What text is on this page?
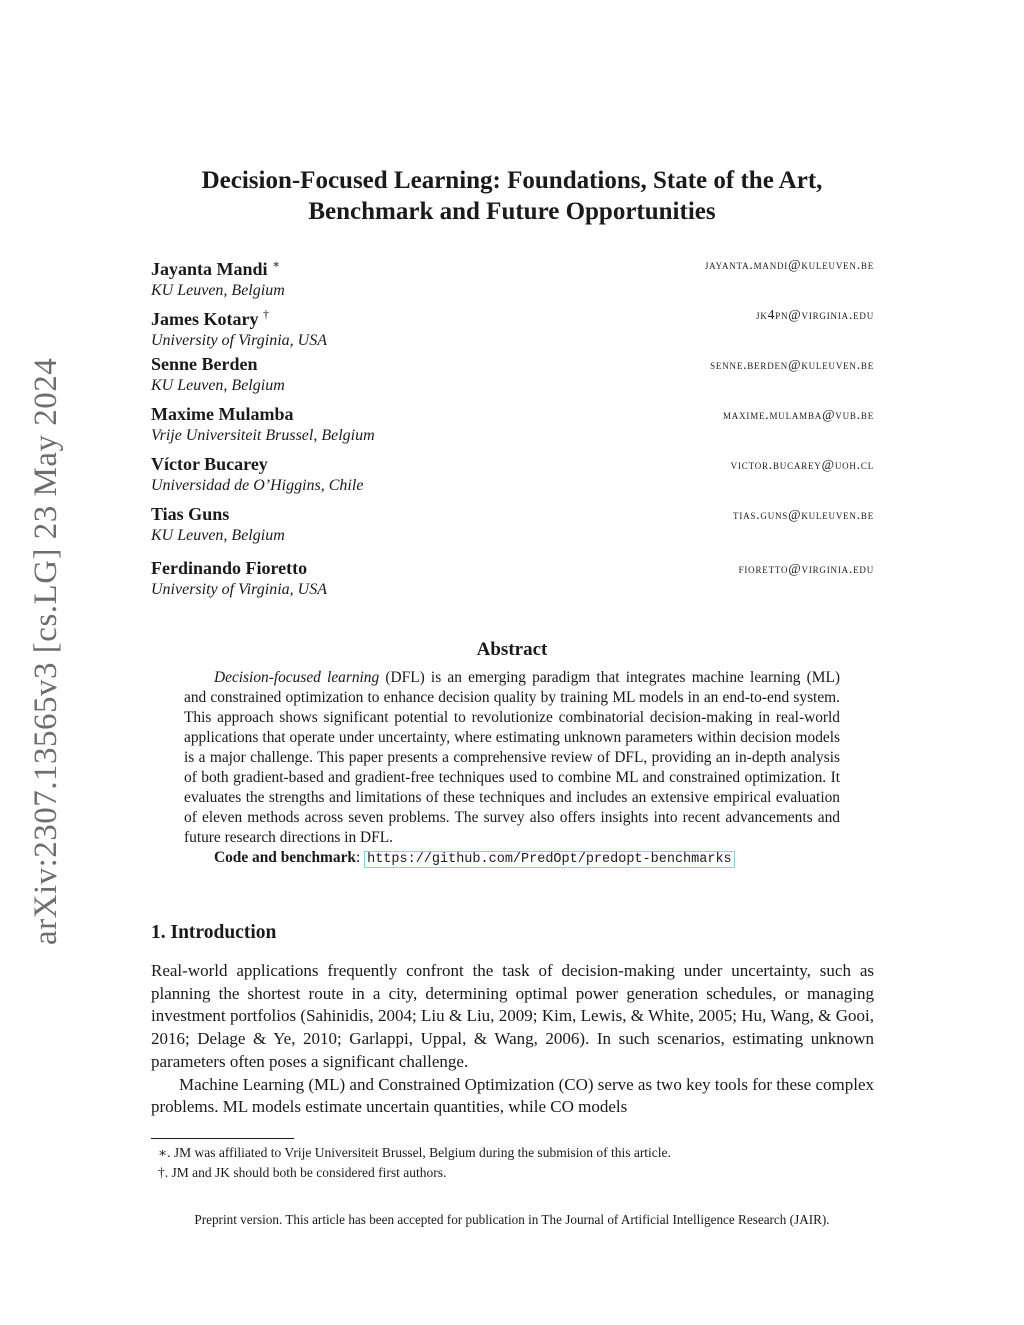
arXiv:2307.13565v3 [cs.LG] 23 May 2024
Decision-Focused Learning: Foundations, State of the Art,
Benchmark and Future Opportunities
Jayanta Mandi ∗
KU Leuven, Belgium
jayanta.mandi@kuleuven.be
James Kotary †
University of Virginia, USA
jk4pn@virginia.edu
Senne Berden
KU Leuven, Belgium
senne.berden@kuleuven.be
Maxime Mulamba
Vrije Universiteit Brussel, Belgium
maxime.mulamba@vub.be
Víctor Bucarey
Universidad de O’Higgins, Chile
victor.bucarey@uoh.cl
Tias Guns
KU Leuven, Belgium
tias.guns@kuleuven.be
Ferdinando Fioretto
University of Virginia, USA
fioretto@virginia.edu
Abstract

Decision-focused learning (DFL) is an emerging paradigm that integrates machine learning (ML) and constrained optimization to enhance decision quality by training ML models in an end-to-end system. This approach shows significant potential to revolutionize combinatorial decision-making in real-world applications that operate under uncertainty, where estimating unknown parameters within decision models is a major challenge. This paper presents a comprehensive review of DFL, providing an in-depth analysis of both gradient-based and gradient-free techniques used to combine ML and constrained optimization. It evaluates the strengths and limitations of these techniques and includes an extensive empirical evaluation of eleven methods across seven problems. The survey also offers insights into recent advancements and future research directions in DFL.

Code and benchmark: https://github.com/PredOpt/predopt-benchmarks

1. Introduction

Real-world applications frequently confront the task of decision-making under uncertainty, such as planning the shortest route in a city, determining optimal power generation schedules, or managing investment portfolios (Sahinidis, 2004; Liu & Liu, 2009; Kim, Lewis, & White, 2005; Hu, Wang, & Gooi, 2016; Delage & Ye, 2010; Garlappi, Uppal, & Wang, 2006). In such scenarios, estimating unknown parameters often poses a significant challenge.

Machine Learning (ML) and Constrained Optimization (CO) serve as two key tools for these complex problems. ML models estimate uncertain quantities, while CO models

∗. JM was affiliated to Vrije Universiteit Brussel, Belgium during the submision of this article.
†. JM and JK should both be considered first authors.
Preprint version. This article has been accepted for publication in The Journal of Artificial Intelligence Research (JAIR).
